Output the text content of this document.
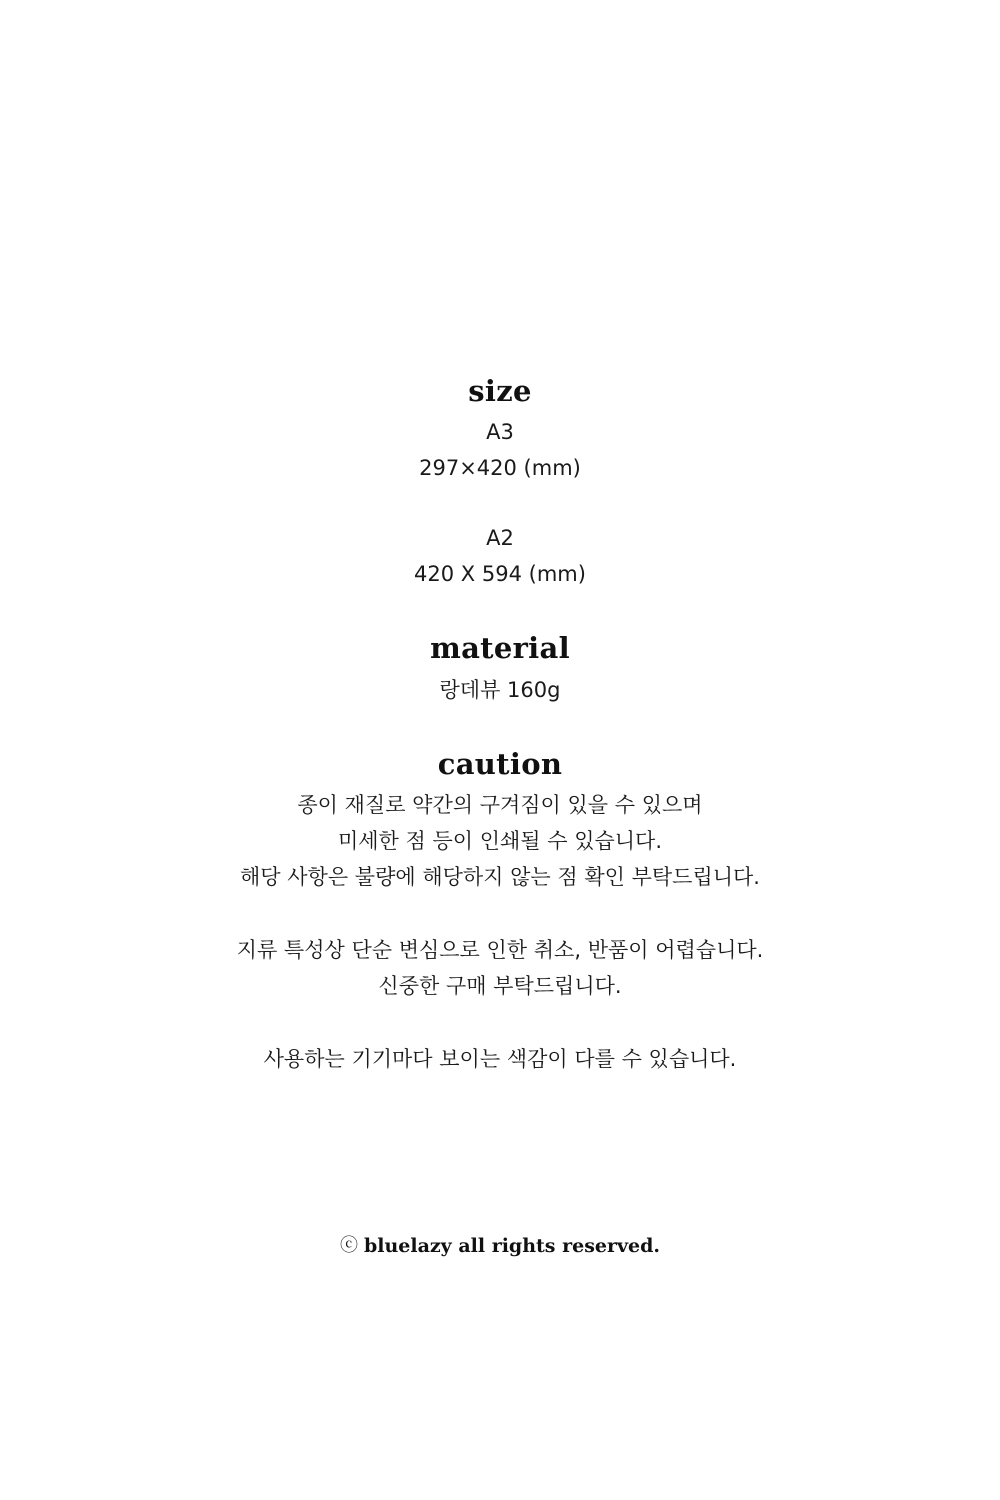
size

A3

297×420 (mm)

A2

420 X 594 (mm)

material

랑데뷰 160g

caution

종이 재질로 약간의 구겨짐이 있을 수 있으며

미세한 점 등이 인쇄될 수 있습니다.

해당 사항은 불량에 해당하지 않는 점 확인 부탁드립니다.

지류 특성상 단순 변심으로 인한 취소, 반품이 어렵습니다.

신중한 구매 부탁드립니다.

사용하는 기기마다 보이는 색감이 다를 수 있습니다.

ⓒ bluelazy all rights reserved.
